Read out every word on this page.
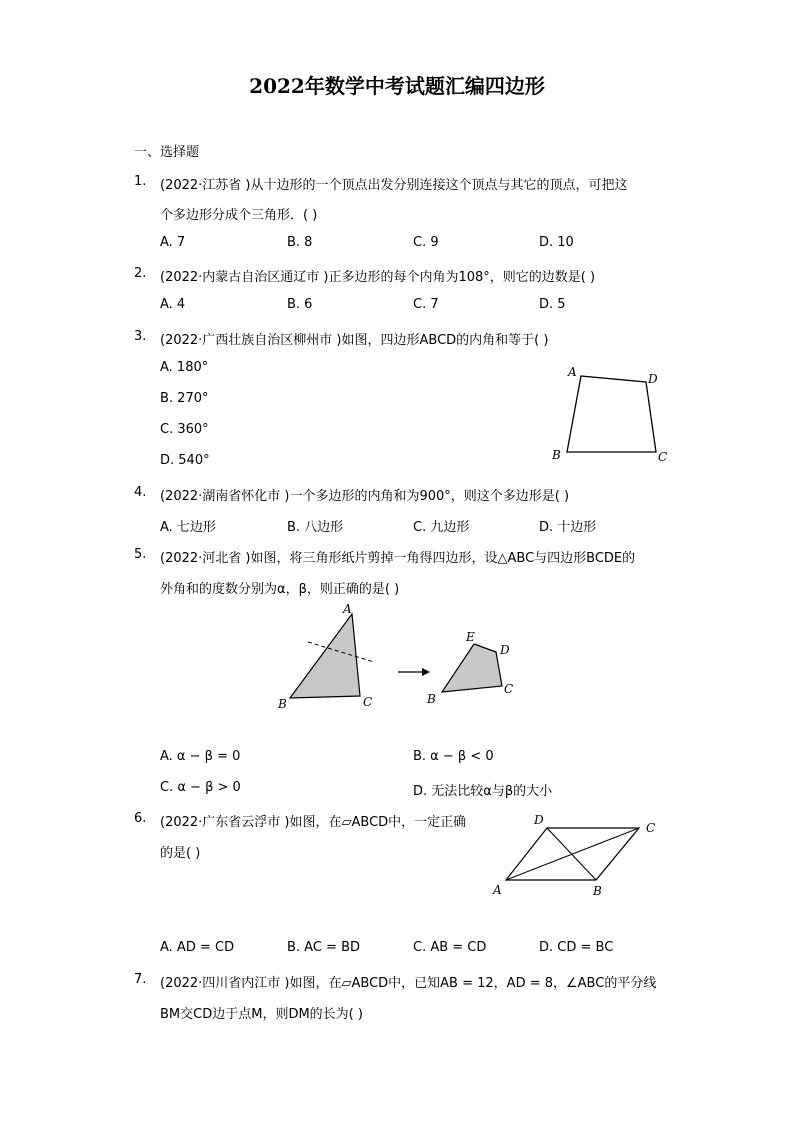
2022年数学中考试题汇编四边形
一、选择题
1. (2022·江苏省 )从十边形的一个顶点出发分别连接这个顶点与其它的顶点，可把这
个多边形分成个三角形．( )
A. 7	B. 8	C. 9	D. 10
2. (2022·内蒙古自治区通辽市 )正多边形的每个内角为108°，则它的边数是( )
A. 4	B. 6	C. 7	D. 5
3. (2022·广西壮族自治区柳州市 )如图，四边形ABCD的内角和等于( )
A. 180°
B. 270°
C. 360°
D. 540°
A	D
B	C
4. (2022·湖南省怀化市 )一个多边形的内角和为900°，则这个多边形是( )
A. 七边形	B. 八边形	C. 九边形	D. 十边形
5. (2022·河北省 )如图，将三角形纸片剪掉一角得四边形，设△ABC与四边形BCDE的
外角和的度数分别为α，β，则正确的是( )
A
B	C
E
D
B
C
A. α − β = 0	B. α − β < 0
C. α − β > 0	D. 无法比较α与β的大小
6. (2022·广东省云浮市 )如图，在▱ABCD中，一定正确
的是( )
D
C
A	B
A. AD = CD	B. AC = BD	C. AB = CD	D. CD = BC
7. (2022·四川省内江市 )如图，在▱ABCD中，已知AB = 12，AD = 8，∠ABC的平分线
BM交CD边于点M，则DM的长为( )
